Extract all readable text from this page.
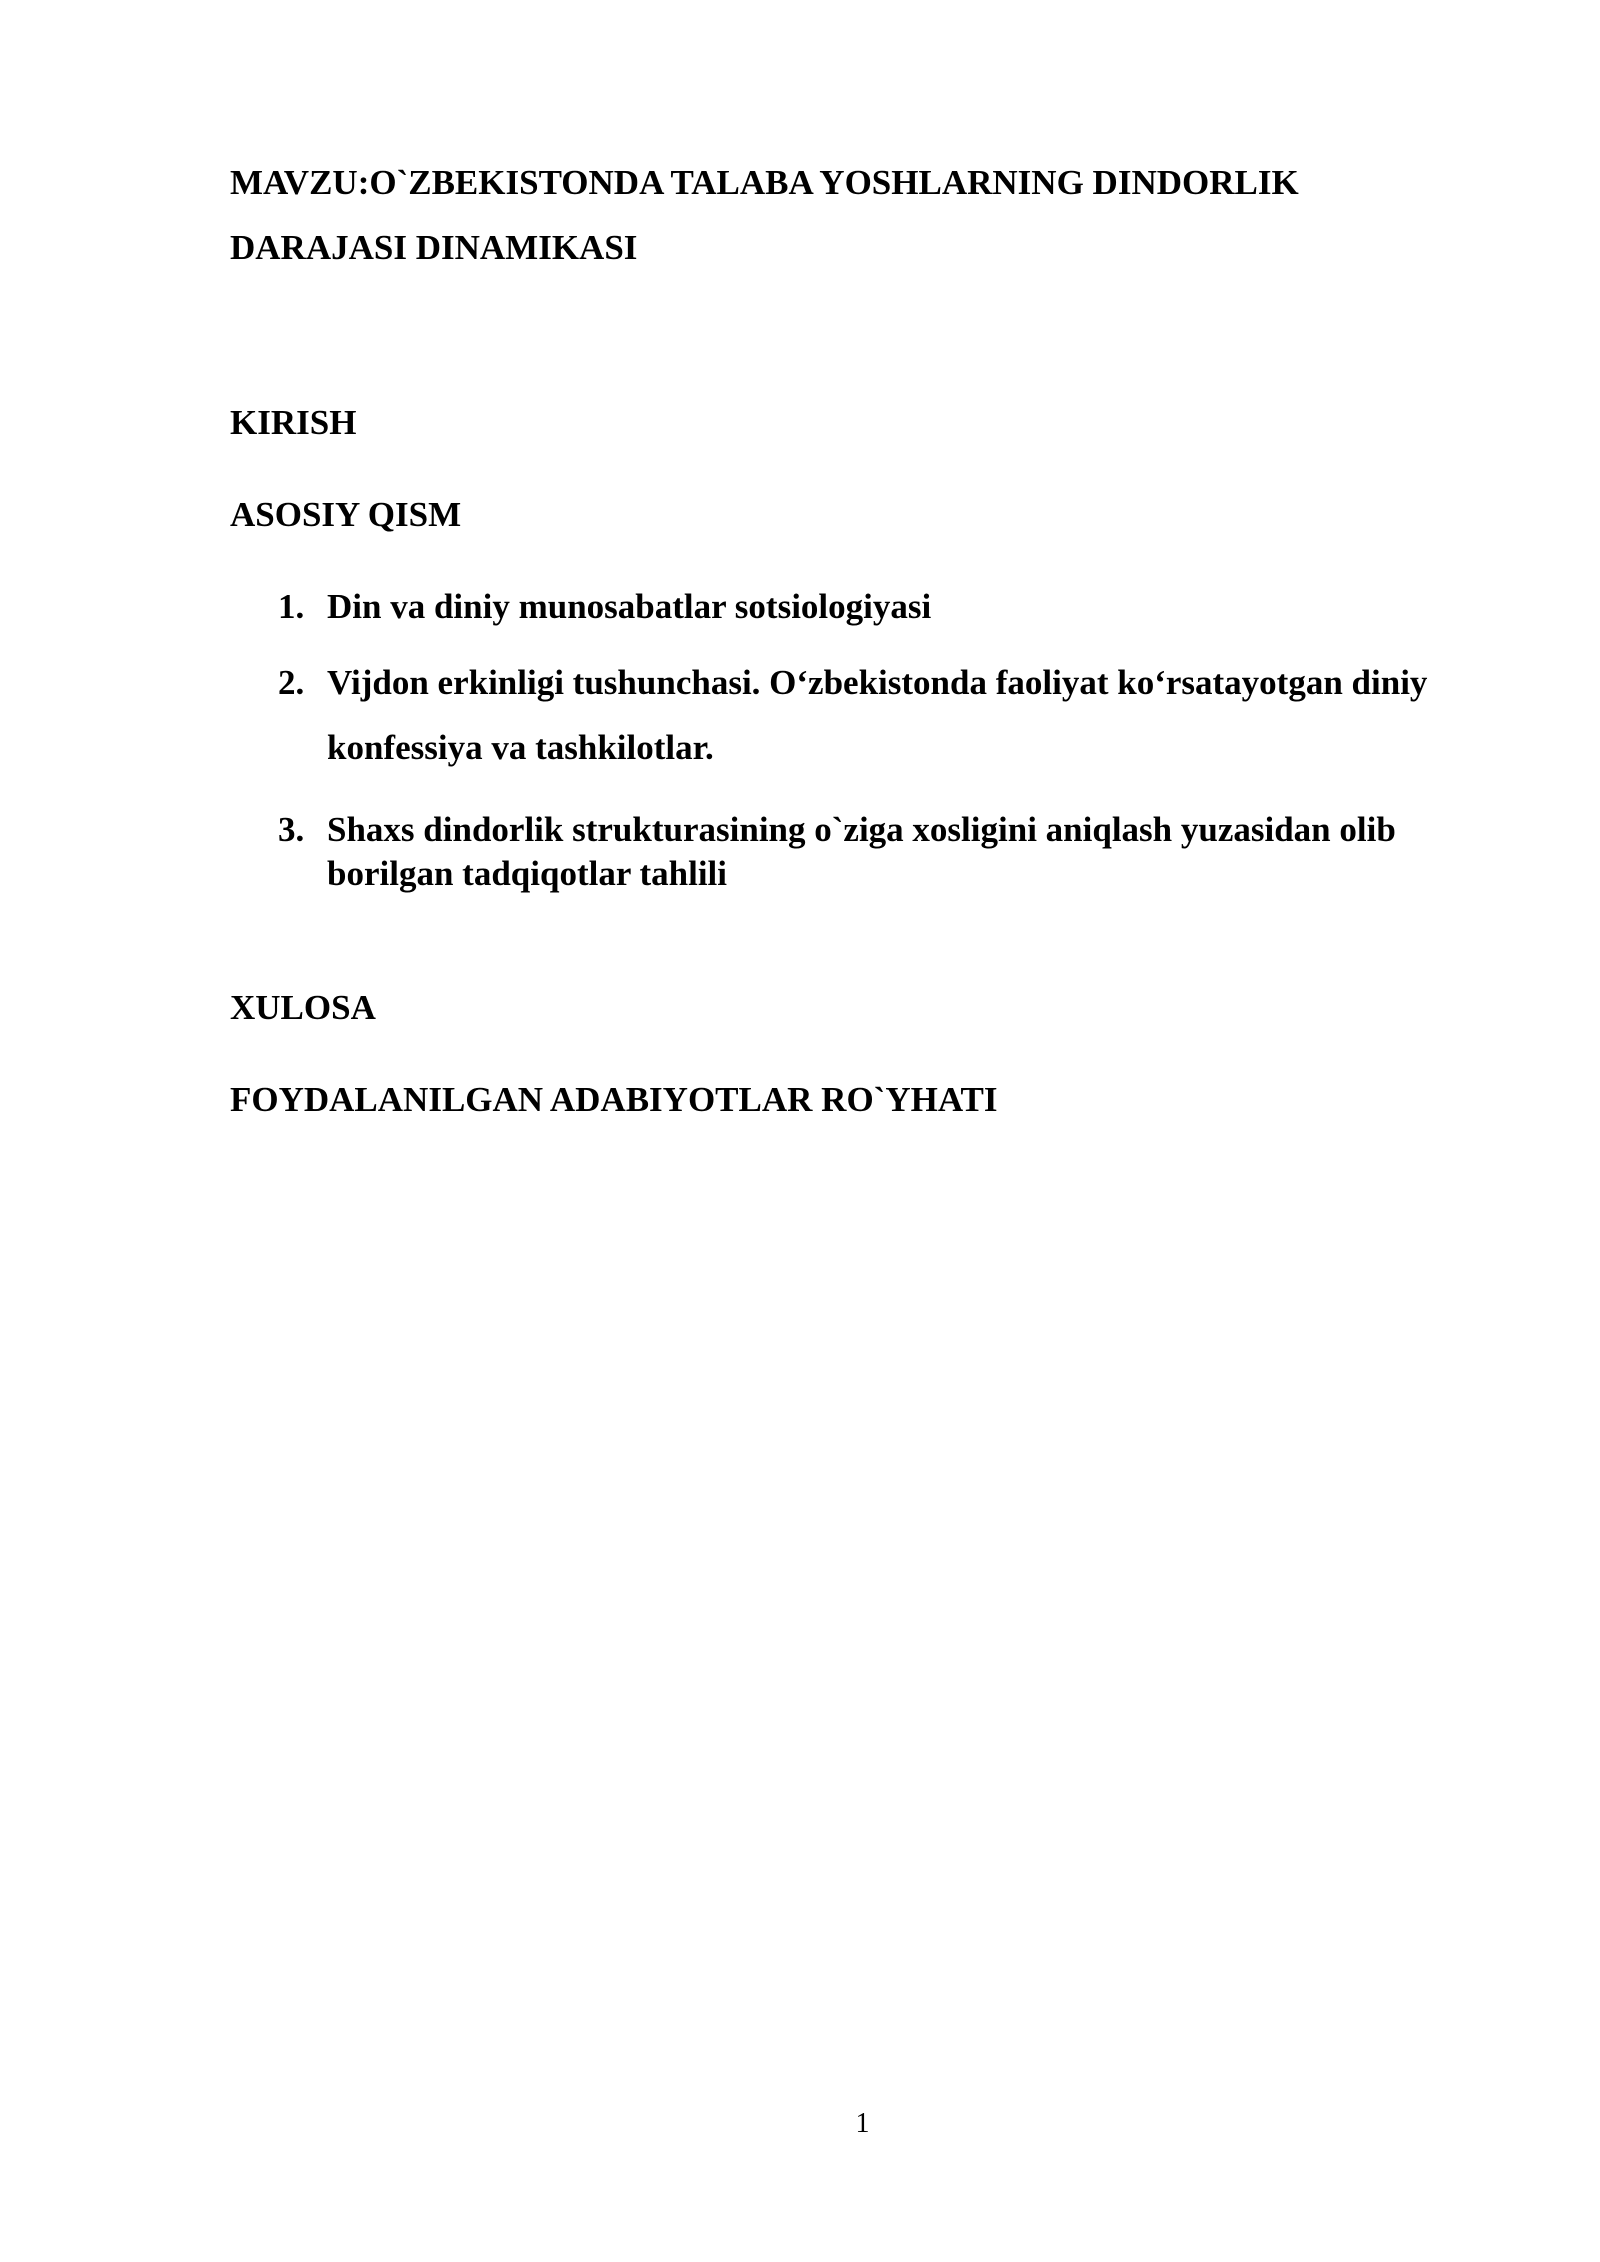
MAVZU:O`ZBEKISTONDA TALABA YOSHLARNING DINDORLIK DARAJASI DINAMIKASI

KIRISH

ASOSIY QISM

1. Din va diniy munosabatlar sotsiologiyasi
2. Vijdon erkinligi tushunchasi. O‘zbekistonda faoliyat ko‘rsatayotgan diniy konfessiya va tashkilotlar.
3. Shaxs dindorlik strukturasining o`ziga xosligini aniqlash yuzasidan olib borilgan tadqiqotlar tahlili

XULOSA

FOYDALANILGAN ADABIYOTLAR RO`YHATI

1
